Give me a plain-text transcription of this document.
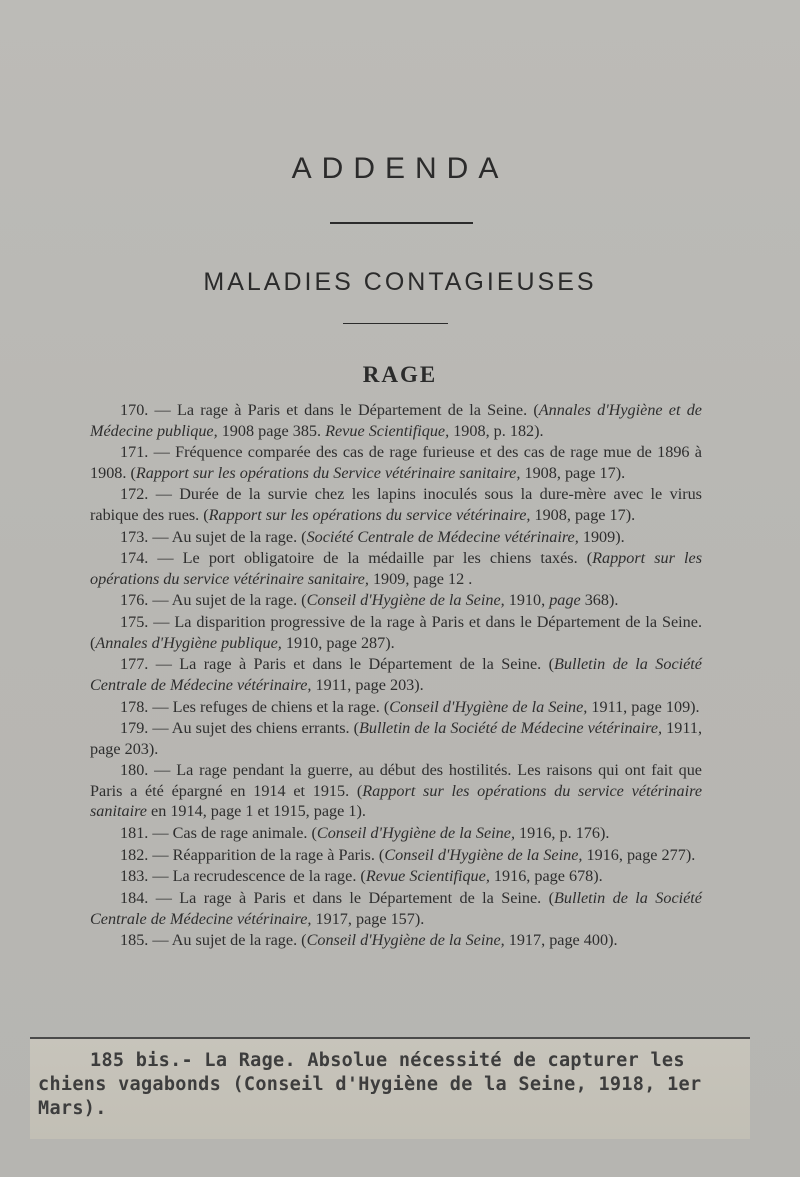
ADDENDA
MALADIES CONTAGIEUSES
RAGE

170. — La rage à Paris et dans le Département de la Seine. (Annales d'Hygiène et de Médecine publique, 1908 page 385. Revue Scientifique, 1908, p. 182).

171. — Fréquence comparée des cas de rage furieuse et des cas de rage mue de 1896 à 1908. (Rapport sur les opérations du Service vétérinaire sanitaire, 1908, page 17).

172. — Durée de la survie chez les lapins inoculés sous la dure-mère avec le virus rabique des rues. (Rapport sur les opérations du service vétérinaire, 1908, page 17).

173. — Au sujet de la rage. (Société Centrale de Médecine vétérinaire, 1909).

174. — Le port obligatoire de la médaille par les chiens taxés. (Rapport sur les opérations du service vétérinaire sanitaire, 1909, page 12 .

176. — Au sujet de la rage. (Conseil d'Hygiène de la Seine, 1910, page 368).

175. — La disparition progressive de la rage à Paris et dans le Département de la Seine. (Annales d'Hygiène publique, 1910, page 287).

177. — La rage à Paris et dans le Département de la Seine. (Bulletin de la Société Centrale de Médecine vétérinaire, 1911, page 203).

178. — Les refuges de chiens et la rage. (Conseil d'Hygiène de la Seine, 1911, page 109).

179. — Au sujet des chiens errants. (Bulletin de la Société de Médecine vétérinaire, 1911, page 203).

180. — La rage pendant la guerre, au début des hostilités. Les raisons qui ont fait que Paris a été épargné en 1914 et 1915. (Rapport sur les opérations du service vétérinaire sanitaire en 1914, page 1 et 1915, page 1).

181. — Cas de rage animale. (Conseil d'Hygiène de la Seine, 1916, p. 176).

182. — Réapparition de la rage à Paris. (Conseil d'Hygiène de la Seine, 1916, page 277).

183. — La recrudescence de la rage. (Revue Scientifique, 1916, page 678).

184. — La rage à Paris et dans le Département de la Seine. (Bulletin de la Société Centrale de Médecine vétérinaire, 1917, page 157).

185. — Au sujet de la rage. (Conseil d'Hygiène de la Seine, 1917, page 400).

185 bis.- La Rage. Absolue nécessité de capturer les chiens vagabonds (Conseil d'Hygiène de la Seine, 1918, 1er Mars).
